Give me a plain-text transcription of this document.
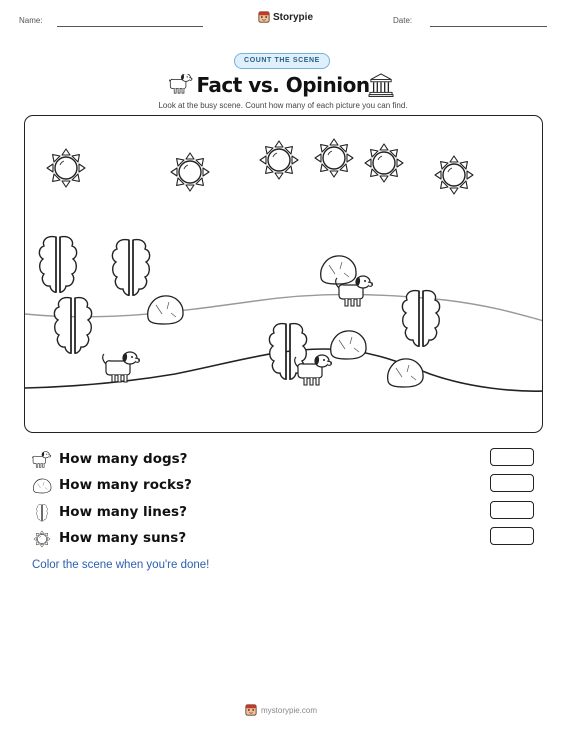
Name:	Storypie	Date:
COUNT THE SCENE
Fact vs. Opinion
Look at the busy scene. Count how many of each picture you can find.
How many dogs?
How many rocks?
How many lines?
How many suns?
Color the scene when you're done!
mystorypie.com
